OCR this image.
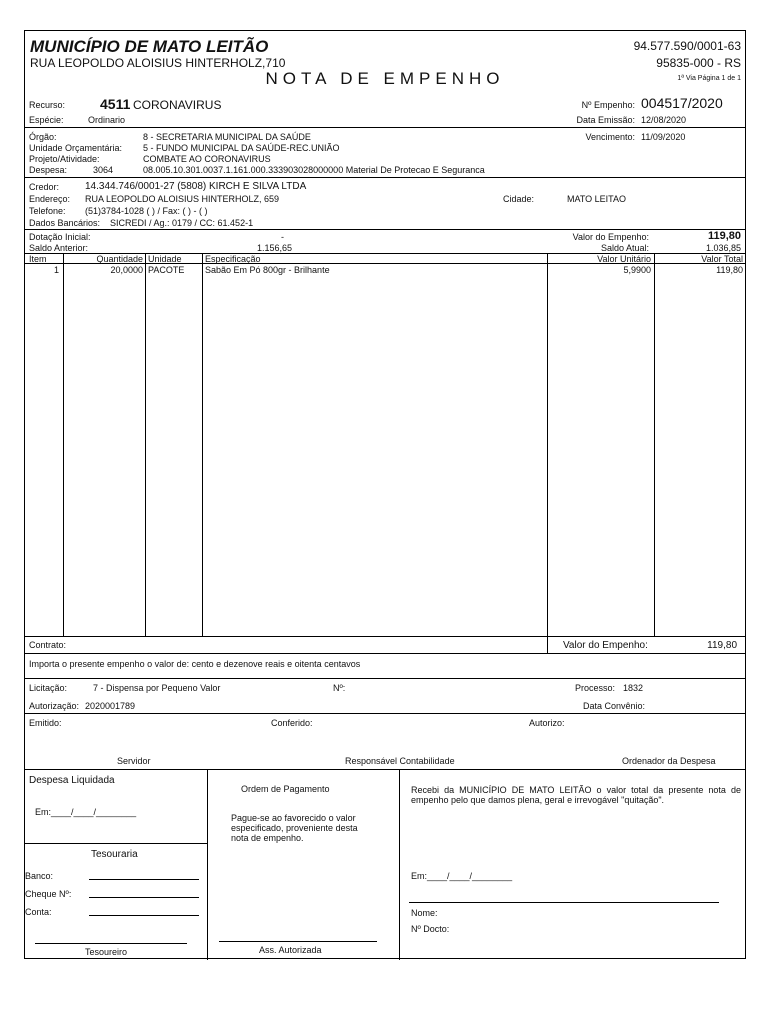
MUNICÍPIO DE MATO LEITÃO
RUA LEOPOLDO ALOISIUS HINTERHOLZ,710
94.577.590/0001-63
95835-000 - RS
NOTA DE EMPENHO	1ª Via Página 1 de 1
Recurso: 4511 CORONAVIRUS
Espécie:	Ordinario
Nº Empenho: 004517/2020
Data Emissão: 12/08/2020
Órgão:	8 - SECRETARIA MUNICIPAL DA SAÚDE	Vencimento: 11/09/2020
Unidade Orçamentária: 5 - FUNDO MUNICIPAL DA SAÚDE-REC.UNIÃO
Projeto/Atividade:	COMBATE AO CORONAVIRUS
Despesa:	3064	08.005.10.301.0037.1.161.000.333903028000000 Material De Protecao E Seguranca
Credor:	14.344.746/0001-27 (5808) KIRCH E SILVA LTDA
Endereço: RUA LEOPOLDO ALOISIUS HINTERHOLZ, 659	Cidade:	MATO LEITAO
Telefone: (51)3784-1028 ( ) / Fax: ( ) - ( )
Dados Bancários: SICREDI / Ag.: 0179 / CC: 61.452-1
Dotação Inicial:	-
Saldo Anterior:	1.156,65
Valor do Empenho:	119,80
Saldo Atual:	1.036,85
Item	Quantidade Unidade	Especificação	Valor Unitário	Valor Total
1	20,0000 PACOTE Sabão Em Pó 800gr - Brilhante	5,9900	119,80
Contrato:	Valor do Empenho:	119,80
Importa o presente empenho o valor de: cento e dezenove reais e oitenta centavos
Licitação:	7 - Dispensa por Pequeno Valor	Nº:	Processo: 1832
Autorização: 2020001789	Data Convênio:
Emitido:	Conferido:	Autorizo:
Servidor	Responsável Contabilidade	Ordenador da Despesa
Despesa Liquidada
Em:____/____/________
Tesouraria
Banco:
Cheque Nº:
Conta:
Tesoureiro
Ordem de Pagamento
Pague-se ao favorecido o valor especificado, proveniente desta nota de empenho.
Ass. Autorizada
Recebi da MUNICÍPIO DE MATO LEITÃO o valor total da presente nota de empenho pelo que damos plena, geral e irrevogável "quitação".
Em:____/____/________
Nome:
Nº Docto:
